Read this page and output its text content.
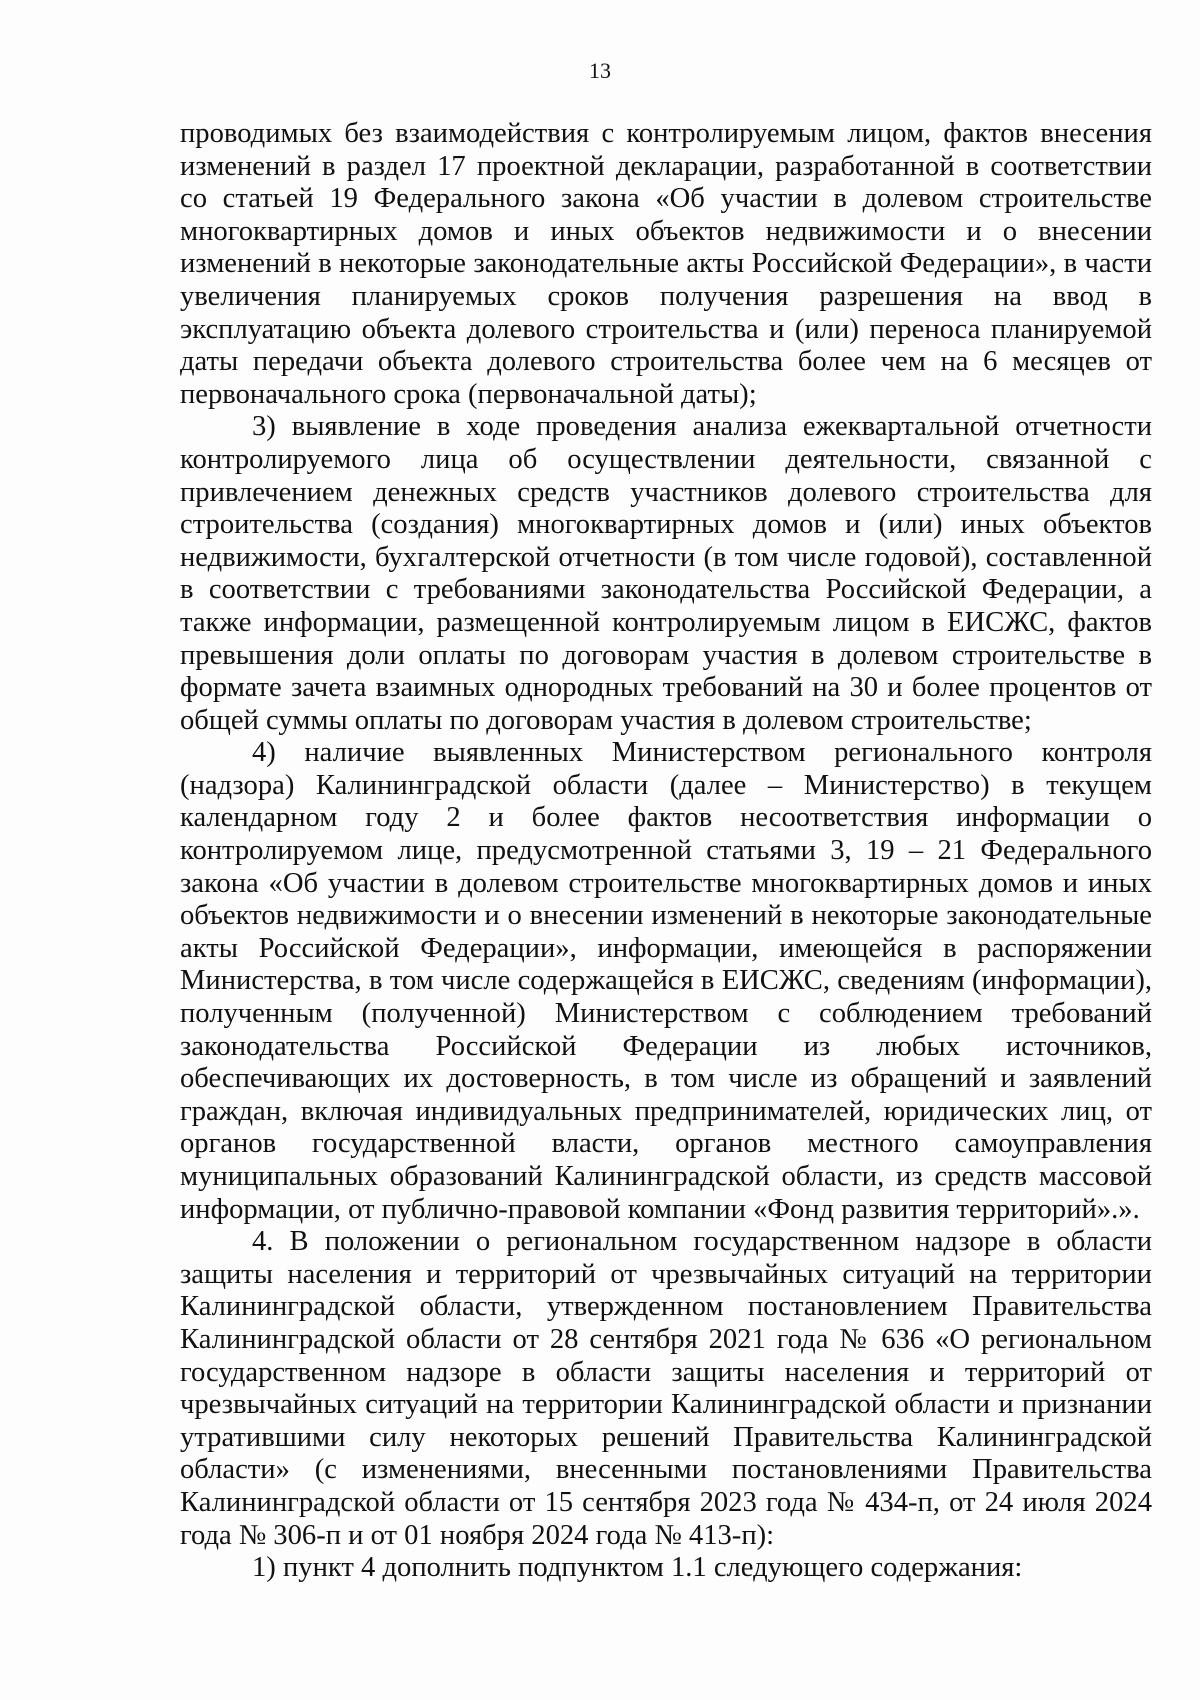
13

проводимых без взаимодействия с контролируемым лицом, фактов внесения изменений в раздел 17 проектной декларации, разработанной в соответствии со статьей 19 Федерального закона «Об участии в долевом строительстве многоквартирных домов и иных объектов недвижимости и о внесении изменений в некоторые законодательные акты Российской Федерации», в части увеличения планируемых сроков получения разрешения на ввод в эксплуатацию объекта долевого строительства и (или) переноса планируемой даты передачи объекта долевого строительства более чем на 6 месяцев от первоначального срока (первоначальной даты);

3) выявление в ходе проведения анализа ежеквартальной отчетности контролируемого лица об осуществлении деятельности, связанной с привлечением денежных средств участников долевого строительства для строительства (создания) многоквартирных домов и (или) иных объектов недвижимости, бухгалтерской отчетности (в том числе годовой), составленной в соответствии с требованиями законодательства Российской Федерации, а также информации, размещенной контролируемым лицом в ЕИСЖС, фактов превышения доли оплаты по договорам участия в долевом строительстве в формате зачета взаимных однородных требований на 30 и более процентов от общей суммы оплаты по договорам участия в долевом строительстве;

4) наличие выявленных Министерством регионального контроля (надзора) Калининградской области (далее – Министерство) в текущем календарном году 2 и более фактов несоответствия информации о контролируемом лице, предусмотренной статьями 3, 19 – 21 Федерального закона «Об участии в долевом строительстве многоквартирных домов и иных объектов недвижимости и о внесении изменений в некоторые законодательные акты Российской Федерации», информации, имеющейся в распоряжении Министерства, в том числе содержащейся в ЕИСЖС, сведениям (информации), полученным (полученной) Министерством с соблюдением требований законодательства Российской Федерации из любых источников, обеспечивающих их достоверность, в том числе из обращений и заявлений граждан, включая индивидуальных предпринимателей, юридических лиц, от органов государственной власти, органов местного самоуправления муниципальных образований Калининградской области, из средств массовой информации, от публично-правовой компании «Фонд развития территорий».».

4. В положении о региональном государственном надзоре в области защиты населения и территорий от чрезвычайных ситуаций на территории Калининградской области, утвержденном постановлением Правительства Калининградской области от 28 сентября 2021 года № 636 «О региональном государственном надзоре в области защиты населения и территорий от чрезвычайных ситуаций на территории Калининградской области и признании утратившими силу некоторых решений Правительства Калининградской области» (с изменениями, внесенными постановлениями Правительства Калининградской области от 15 сентября 2023 года № 434-п, от 24 июля 2024 года № 306-п и от 01 ноября 2024 года № 413-п):

1) пункт 4 дополнить подпунктом 1.1 следующего содержания:
